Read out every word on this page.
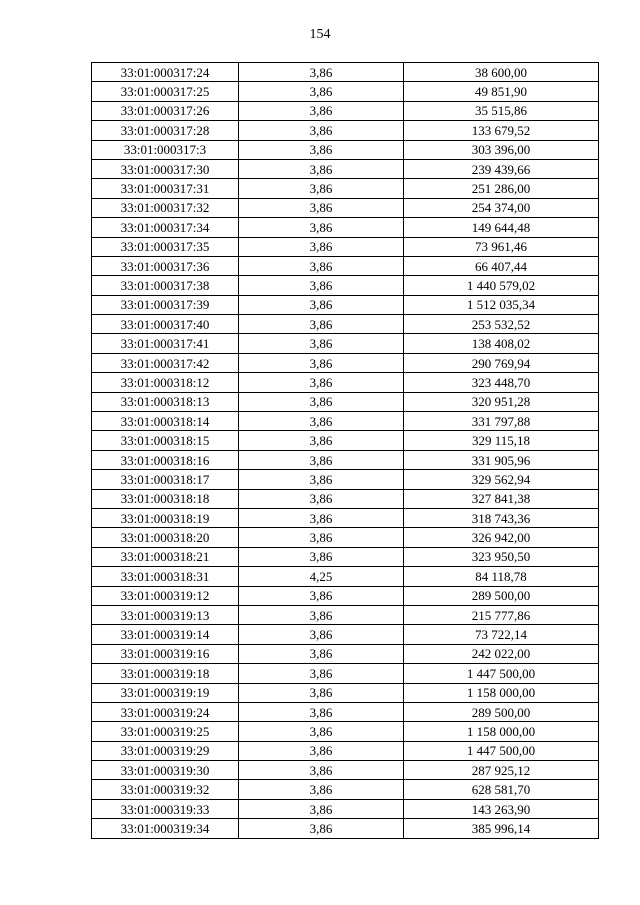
154
33:01:000317:24	3,86	38 600,00
33:01:000317:25	3,86	49 851,90
33:01:000317:26	3,86	35 515,86
33:01:000317:28	3,86	133 679,52
33:01:000317:3	3,86	303 396,00
33:01:000317:30	3,86	239 439,66
33:01:000317:31	3,86	251 286,00
33:01:000317:32	3,86	254 374,00
33:01:000317:34	3,86	149 644,48
33:01:000317:35	3,86	73 961,46
33:01:000317:36	3,86	66 407,44
33:01:000317:38	3,86	1 440 579,02
33:01:000317:39	3,86	1 512 035,34
33:01:000317:40	3,86	253 532,52
33:01:000317:41	3,86	138 408,02
33:01:000317:42	3,86	290 769,94
33:01:000318:12	3,86	323 448,70
33:01:000318:13	3,86	320 951,28
33:01:000318:14	3,86	331 797,88
33:01:000318:15	3,86	329 115,18
33:01:000318:16	3,86	331 905,96
33:01:000318:17	3,86	329 562,94
33:01:000318:18	3,86	327 841,38
33:01:000318:19	3,86	318 743,36
33:01:000318:20	3,86	326 942,00
33:01:000318:21	3,86	323 950,50
33:01:000318:31	4,25	84 118,78
33:01:000319:12	3,86	289 500,00
33:01:000319:13	3,86	215 777,86
33:01:000319:14	3,86	73 722,14
33:01:000319:16	3,86	242 022,00
33:01:000319:18	3,86	1 447 500,00
33:01:000319:19	3,86	1 158 000,00
33:01:000319:24	3,86	289 500,00
33:01:000319:25	3,86	1 158 000,00
33:01:000319:29	3,86	1 447 500,00
33:01:000319:30	3,86	287 925,12
33:01:000319:32	3,86	628 581,70
33:01:000319:33	3,86	143 263,90
33:01:000319:34	3,86	385 996,14
